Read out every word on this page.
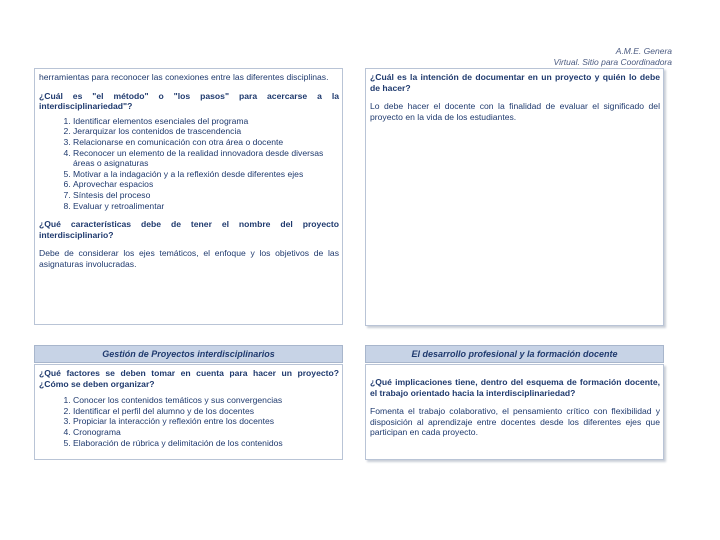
A.M.E. Genera
Virtual. Sitio para Coordinadora

herramientas para reconocer las conexiones entre las diferentes disciplinas.

¿Cuál es "el método" o "los pasos" para acercarse a la interdisciplinariedad"?

1. Identificar elementos esenciales del programa
2. Jerarquizar los contenidos de trascendencia
3. Relacionarse en comunicación con otra área o docente
4. Reconocer un elemento de la realidad innovadora desde diversas áreas o asignaturas
5. Motivar a la indagación y a la reflexión desde diferentes ejes
6. Aprovechar espacios
7. Síntesis del proceso
8. Evaluar y retroalimentar

¿Qué características debe de tener el nombre del proyecto interdisciplinario?

Debe de considerar los ejes temáticos, el enfoque y los objetivos de las asignaturas involucradas.

¿Cuál es la intención de documentar en un proyecto y quién lo debe de hacer?

Lo debe hacer el docente con la finalidad de evaluar el significado del proyecto en la vida de los estudiantes.

Gestión de Proyectos interdisciplinarios

¿Qué factores se deben tomar en cuenta para hacer un proyecto? ¿Cómo se deben organizar?

1. Conocer los contenidos temáticos y sus convergencias
2. Identificar el perfil del alumno y de los docentes
3. Propiciar la interacción y reflexión entre los docentes
4. Cronograma
5. Elaboración de rúbrica y delimitación de los contenidos
El desarrollo profesional y la formación docente

¿Qué implicaciones tiene, dentro del esquema de formación docente, el trabajo orientado hacia la interdisciplinariedad?

Fomenta el trabajo colaborativo, el pensamiento crítico con flexibilidad y disposición al aprendizaje entre docentes desde los diferentes ejes que participan en cada proyecto.
